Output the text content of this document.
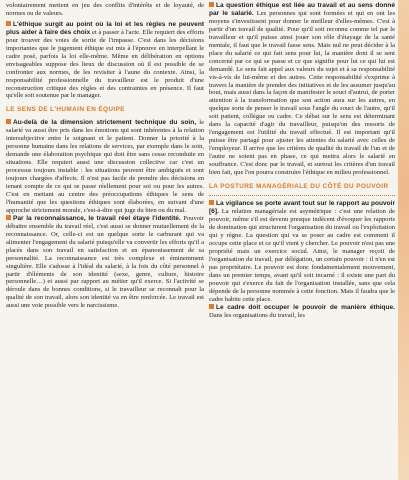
volontairement mettent en jeu des conflits d'intérêts et de loyauté, de normes ou de valeurs.

L'éthique surgit au point où la loi et les règles ne peuvent plus aider à faire des choix et à passer à l'acte. Elle requiert des efforts pour trouver des voies de sortie de l'impasse. C'est dans les décisions importantes que le jugement éthique est mis à l'épreuve en interpellant le cadre posé, parfois la loi elle-même. Même en délibération en options envisageables suppose des lieux de discussion où il est possible de se confronter aux normes, de les revisiter à l'aune du contexte. Ainsi, la responsabilité professionnelle du travailleur est le produit d'une reconstruction critique des règles et des contraintes en présence. Il faut qu'elle soit soutenue par le manager.

LE SENS DE L'HUMAIN EN ÉQUIPE

Au-delà de la dimension strictement technique du soin, le salarié va aussi être pris dans les émotions qui sont inhérentes à la relation intersubjective entre le soignant et le patient. Donner la priorité à la personne humaine dans les relations de services, par exemple dans le soin, demande une élaboration psychique qui doit être sans cesse reconduite en situations. Elle requiert aussi une discussion collective car c'est un processus toujours instable : les situations peuvent être ambiguës et sont toujours chargées d'affects. Il n'est pas facile de prendre des décisions en tenant compte de ce qui se passe réellement pour soi ou pour les autres. C'est en mettant au centre des préoccupations éthiques le sens de l'humanité que les questions éthiques sont élaborées, en suivant d'une approche strictement morale, c'est-à-dire qui juge du bien ou du mal.

Par la reconnaissance, le travail réel étaye l'identité. Pouvoir débattre ensemble du travail réel, c'est aussi se donner mutuellement de la reconnaissance. Or, celle-ci est un quelque sorte le carburant qui va alimenter l'engagement du salarié puisqu'elle va convertir les efforts qu'il a placés dans son travail en satisfaction et en épanouissement de sa personnalité. La reconnaissance est très complexe et éminemment singulière. Elle s'adosse à l'idéal du salarié, à la fois du côté personnel à partir d'éléments de son identité (sexe, genre, culture, histoire personnelle…) et aussi par rapport au métier qu'il exerce. Si l'activité se déroule dans de bonnes conditions, si le travailleur se reconnaît pour la qualité de son travail, alors son identité va en être renforcée. Le travail est aussi une voie possible vers le narcissisme.

La question éthique est liée au travail et au sens donné par le salarié. Les personnes qui sont formées et qui en ont les moyens s'investissent pour donner le meilleur d'elles-mêmes. C'est à partir d'un travail de qualité. Pour qu'il soit reconnu comme tel par le travailleur et qu'il puisse ainsi jouer son rôle d'étayage de la santé mentale, il faut que le travail fasse sens. Mais nul ne peut décider à la place du salarié ce qui fait sens pour lui, la manière dont il se sent concerné par ce qui se passe et ce que signifie pour lui ce qui lui est demandé. Le sens fait appel aux valeurs du sujet et à sa responsabilité vis-à-vis de lui-même et des autres. Cette responsabilité s'exprime à travers la manière de prendre des initiatives et de les assumer jusqu'au bout, mais aussi dans la façon de manifester le souci d'autrui, de porter attention à la transformation que son action aura sur les autres, en quelque sorte de penser le travail sous l'angle du souci de l'autre, qu'il soit patient, collègue ou cadre. Ce débat sur le sens est déterminant dans la capacité d'agir du travailleur, puisqu'on des ressorts de l'engagement est l'utilité du travail effectué. Il est important qu'il puisse être partagé pour ajuster les attentes du salarié avec celles de l'employeur. Il arrive que les critères de qualité du travail de l'un et de l'autre ne soient pas en phase, ce qui mettra alors le salarié en souffrance. C'est donc par le travail, et surtout les critères d'un travail bien fait, que l'on pourra construire l'éthique en milieu professionnel.

LA POSTURE MANAGÉRIALE DU CÔTÉ DU POUVOIR

La vigilance se porte avant tout sur le rapport au pouvoir [6]. La relation managériale est asymétrique : c'est une relation de pouvoir, même s'il est devenu presque indécent d'évoquer les rapports de domination qui structurent l'organisation du travail ou l'exploitation qui y règne. La question qui va se poser au cadre est comment il occupe cette place et ce qu'il vient y chercher. Le pouvoir n'est pas une propriété mais un exercice social. Ainsi, le manager reçoit de l'organisation du travail, par délégation, un certain pouvoir : il n'en est pas propriétaire. Le pouvoir est donc fondamentalement mouvement, dans un premier temps, avant qu'il soit incarné : il existe une part du pouvoir qui s'exerce du fait de l'organisation installée, sans que cela dépende de la personne nommée à cette fonction. Mais il faudra que le cadre habite cette place.

Le cadre doit occuper le pouvoir de manière éthique. Dans les organisations du travail, les
